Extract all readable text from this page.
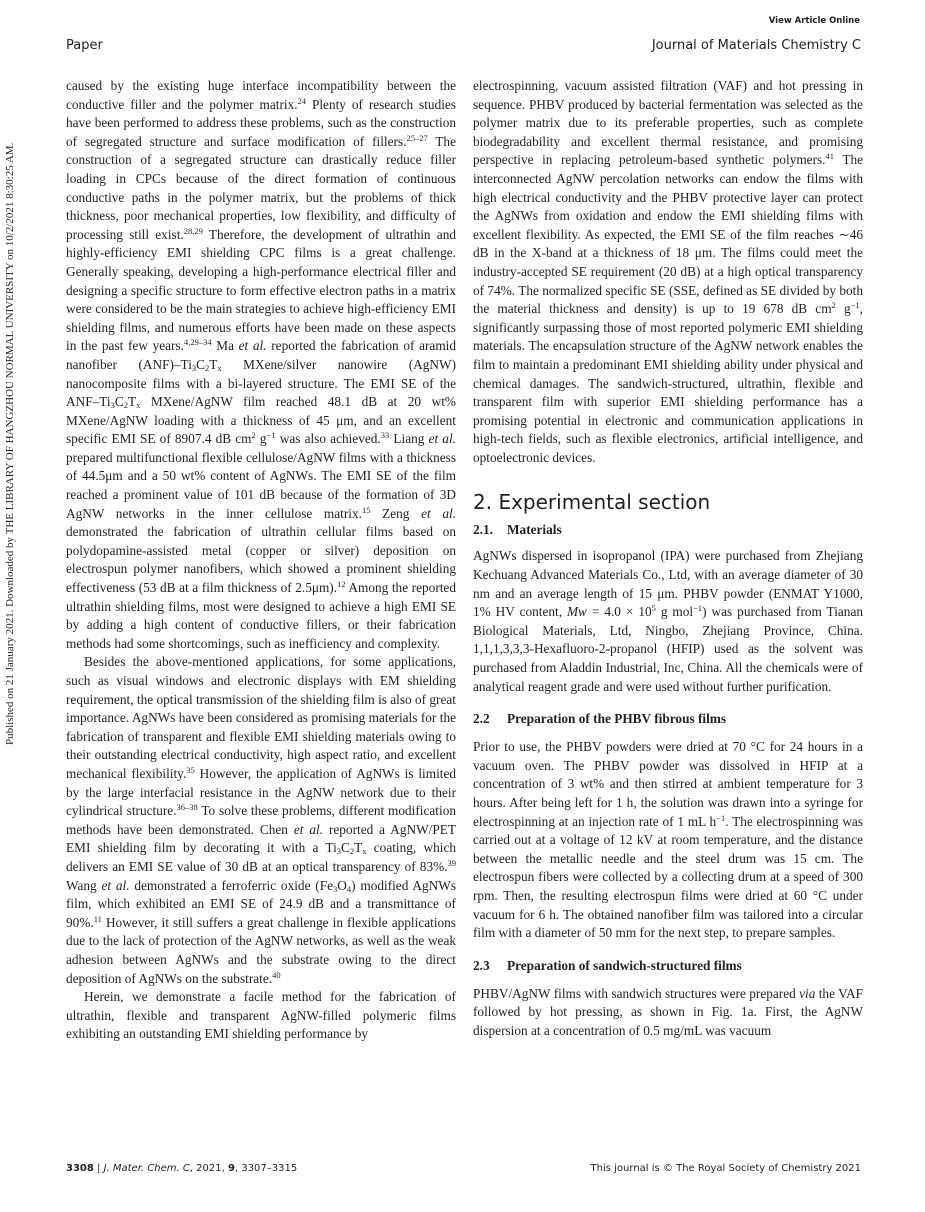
View Article Online
Paper	Journal of Materials Chemistry C
Published on 21 January 2021. Downloaded by THE LIBRARY OF HANGZHOU NORMAL UNIVERSITY on 10/2/2021 8:30:25 AM.

caused by the existing huge interface incompatibility between the conductive filler and the polymer matrix.$^{24}$ Plenty of research studies have been performed to address these problems, such as the construction of segregated structure and surface modification of fillers.$^{25-27}$ The construction of a segregated structure can drastically reduce filler loading in CPCs because of the direct formation of continuous conductive paths in the polymer matrix, but the problems of thick thickness, poor mechanical properties, low flexibility, and difficulty of processing still exist.$^{28,29}$ Therefore, the development of ultrathin and highly-efficiency EMI shielding CPC films is a great challenge. Generally speaking, developing a high-performance electrical filler and designing a specific structure to form effective electron paths in a matrix were considered to be the main strategies to achieve high-efficiency EMI shielding films, and numerous efforts have been made on these aspects in the past few years.$^{4,29-34}$ Ma et al. reported the fabrication of aramid nanofiber $(ANF)-Ti_3C_2T_x$ MXene/silver nanowire (AgNW) nanocomposite films with a bi-layered structure. The EMI SE of the ANF–$Ti_3C_2T_x$ MXene/AgNW film reached 48.1 dB at 20 wt% MXene/AgNW loading with a thickness of 45 μm, and an excellent specific EMI SE of 8907.4 dB $cm^2$ $g^{-1}$ was also achieved.$^{33}$ Liang et al. prepared multifunctional flexible cellulose/AgNW films with a thickness of 44.5μm and a 50 wt% content of AgNWs. The EMI SE of the film reached a prominent value of 101 dB because of the formation of 3D AgNW networks in the inner cellulose matrix.$^{15}$ Zeng et al. demonstrated the fabrication of ultrathin cellular films based on polydopamine-assisted metal (copper or silver) deposition on electrospun polymer nanofibers, which showed a prominent shielding effectiveness (53 dB at a film thickness of 2.5μm).$^{12}$ Among the reported ultrathin shielding films, most were designed to achieve a high EMI SE by adding a high content of conductive fillers, or their fabrication methods had some shortcomings, such as inefficiency and complexity.

Besides the above-mentioned applications, for some applications, such as visual windows and electronic displays with EM shielding requirement, the optical transmission of the shielding film is also of great importance. AgNWs have been considered as promising materials for the fabrication of transparent and flexible EMI shielding materials owing to their outstanding electrical conductivity, high aspect ratio, and excellent mechanical flexibility.$^{35}$ However, the application of AgNWs is limited by the large interfacial resistance in the AgNW network due to their cylindrical structure.$^{36-38}$ To solve these problems, different modification methods have been demonstrated. Chen et al. reported a AgNW/PET EMI shielding film by decorating it with a $Ti_3C_2T_x$ coating, which delivers an EMI SE value of 30 dB at an optical transparency of 83%.$^{39}$ Wang et al. demonstrated a ferroferric oxide $(Fe_3O_4)$ modified AgNWs film, which exhibited an EMI SE of 24.9 dB and a transmittance of 90%.$^{11}$ However, it still suffers a great challenge in flexible applications due to the lack of protection of the AgNW networks, as well as the weak adhesion between AgNWs and the substrate owing to the direct deposition of AgNWs on the substrate.$^{40}$

Herein, we demonstrate a facile method for the fabrication of ultrathin, flexible and transparent AgNW-filled polymeric films exhibiting an outstanding EMI shielding performance by

electrospinning, vacuum assisted filtration (VAF) and hot pressing in sequence. PHBV produced by bacterial fermentation was selected as the polymer matrix due to its preferable properties, such as complete biodegradability and excellent thermal resistance, and promising perspective in replacing petroleum-based synthetic polymers.$^{41}$ The interconnected AgNW percolation networks can endow the films with high electrical conductivity and the PHBV protective layer can protect the AgNWs from oxidation and endow the EMI shielding films with excellent flexibility. As expected, the EMI SE of the film reaches ∼46 dB in the X-band at a thickness of 18 μm. The films could meet the industry-accepted SE requirement (20 dB) at a high optical transparency of 74%. The normalized specific SE (SSE, defined as SE divided by both the material thickness and density) is up to 19 678 dB $cm^2$ $g^{-1}$, significantly surpassing those of most reported polymeric EMI shielding materials. The encapsulation structure of the AgNW network enables the film to maintain a predominant EMI shielding ability under physical and chemical damages. The sandwich-structured, ultrathin, flexible and transparent film with superior EMI shielding performance has a promising potential in electronic and communication applications in high-tech fields, such as flexible electronics, artificial intelligence, and optoelectronic devices.

2. Experimental section
2.1. Materials

AgNWs dispersed in isopropanol (IPA) were purchased from Zhejiang Kechuang Advanced Materials Co., Ltd, with an average diameter of 30 nm and an average length of 15 μm. PHBV powder (ENMAT Y1000, 1% HV content, $Mw = 4.0 \times 10^5$ g mol$^{-1}$) was purchased from Tianan Biological Materials, Ltd, Ningbo, Zhejiang Province, China. 1,1,1,3,3,3-Hexafluoro-2-propanol (HFIP) used as the solvent was purchased from Aladdin Industrial, Inc, China. All the chemicals were of analytical reagent grade and were used without further purification.

2.2 Preparation of the PHBV fibrous films

Prior to use, the PHBV powders were dried at 70 °C for 24 hours in a vacuum oven. The PHBV powder was dissolved in HFIP at a concentration of 3 wt% and then stirred at ambient temperature for 3 hours. After being left for 1 h, the solution was drawn into a syringe for electrospinning at an injection rate of 1 mL $h^{-1}$. The electrospinning was carried out at a voltage of 12 kV at room temperature, and the distance between the metallic needle and the steel drum was 15 cm. The electrospun fibers were collected by a collecting drum at a speed of 300 rpm. Then, the resulting electrospun films were dried at 60 °C under vacuum for 6 h. The obtained nanofiber film was tailored into a circular film with a diameter of 50 mm for the next step, to prepare samples.

2.3 Preparation of sandwich-structured films

PHBV/AgNW films with sandwich structures were prepared via the VAF followed by hot pressing, as shown in Fig. 1a. First, the AgNW dispersion at a concentration of 0.5 mg/mL was vacuum

3308 | J. Mater. Chem. C, 2021, 9, 3307–3315	This journal is © The Royal Society of Chemistry 2021
